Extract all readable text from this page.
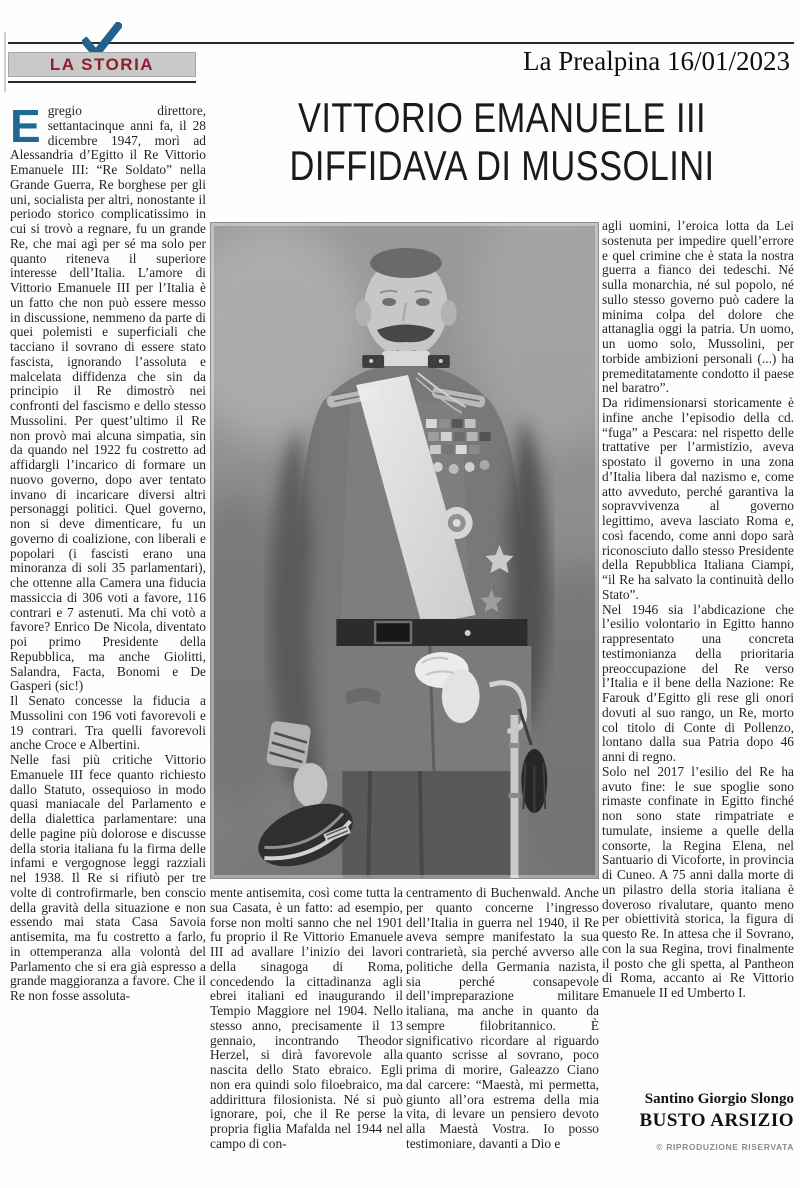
LA STORIA	La Prealpina 16/01/2023
VITTORIO EMANUELE III
DIFFIDAVA DI MUSSOLINI

Egregio direttore, settantacinque anni fa, il 28 dicembre 1947, morì ad Alessandria d’Egitto il Re Vittorio Emanuele III: “Re Soldato” nella Grande Guerra, Re borghese per gli uni, socialista per altri, nonostante il periodo storico complicatissimo in cui si trovò a regnare, fu un grande Re, che mai agì per sé ma solo per quanto riteneva il superiore interesse dell’Italia. L’amore di Vittorio Emanuele III per l’Italia è un fatto che non può essere messo in discussione, nemmeno da parte di quei polemisti e superficiali che tacciano il sovrano di essere stato fascista, ignorando l’assoluta e malcelata diffidenza che sin da principio il Re dimostrò nei confronti del fascismo e dello stesso Mussolini. Per quest’ultimo il Re non provò mai alcuna simpatia, sin da quando nel 1922 fu costretto ad affidargli l’incarico di formare un nuovo governo, dopo aver tentato invano di incaricare diversi altri personaggi politici. Quel governo, non si deve dimenticare, fu un governo di coalizione, con liberali e popolari (i fascisti erano una minoranza di soli 35 parlamentari), che ottenne alla Camera una fiducia massiccia di 306 voti a favore, 116 contrari e 7 astenuti. Ma chi votò a favore? Enrico De Nicola, diventato poi primo Presidente della Repubblica, ma anche Giolitti, Salandra, Facta, Bonomi e De Gasperi (sic!)

Il Senato concesse la fiducia a Mussolini con 196 voti favorevoli e 19 contrari. Tra quelli favorevoli anche Croce e Albertini.

Nelle fasi più critiche Vittorio Emanuele III fece quanto richiesto dallo Statuto, ossequioso in modo quasi maniacale del Parlamento e della dialettica parlamentare: una delle pagine più dolorose e discusse della storia italiana fu la firma delle infami e vergognose leggi razziali nel 1938. Il Re si rifiutò per tre volte di controfirmarle, ben conscio della gravità della situazione e non essendo mai stata Casa Savoia antisemita, ma fu costretto a farlo, in ottemperanza alla volontà del Parlamento che si era già espresso a grande maggioranza a favore. Che il Re non fosse assoluta-

agli uomini, l’eroica lotta da Lei sostenuta per impedire quell’errore e quel crimine che è stata la nostra guerra a fianco dei tedeschi. Né sulla monarchia, né sul popolo, né sullo stesso governo può cadere la minima colpa del dolore che attanaglia oggi la patria. Un uomo, un uomo solo, Mussolini, per torbide ambizioni personali (...) ha premeditatamente condotto il paese nel baratro”.

Da ridimensionarsi storicamente è infine anche l’episodio della cd. “fuga” a Pescara: nel rispetto delle trattative per l’armistizio, aveva spostato il governo in una zona d’Italia libera dal nazismo e, come atto avveduto, perché garantiva la sopravvivenza al governo legittimo, aveva lasciato Roma e, così facendo, come anni dopo sarà riconosciuto dallo stesso Presidente della Repubblica Italiana Ciampi, “il Re ha salvato la continuità dello Stato”.

Nel 1946 sia l’abdicazione che l’esilio volontario in Egitto hanno rappresentato una concreta testimonianza della prioritaria preoccupazione del Re verso l’Italia e il bene della Nazione: Re Farouk d’Egitto gli rese gli onori dovuti al suo rango, un Re, morto col titolo di Conte di Pollenzo, lontano dalla sua Patria dopo 46 anni di regno.

Solo nel 2017 l’esilio del Re ha avuto fine: le sue spoglie sono rimaste confinate in Egitto finché non sono state rimpatriate e tumulate, insieme a quelle della consorte, la Regina Elena, nel Santuario di Vicoforte, in provincia di Cuneo. A 75 anni dalla morte di un pilastro della storia italiana è doveroso rivalutare, quanto meno per obiettività storica, la figura di questo Re. In attesa che il Sovrano, con la sua Regina, trovi finalmente il posto che gli spetta, al Pantheon di Roma, accanto ai Re Vittorio Emanuele II ed Umberto I.

mente antisemita, così come tutta la sua Casata, è un fatto: ad esempio, forse non molti sanno che nel 1901 fu proprio il Re Vittorio Emanuele III ad avallare l’inizio dei lavori della sinagoga di Roma, concedendo la cittadinanza agli ebrei italiani ed inaugurando il Tempio Maggiore nel 1904. Nello stesso anno, precisamente il 13 gennaio, incontrando Theodor Herzel, si dirà favorevole alla nascita dello Stato ebraico. Egli non era quindi solo filoebraico, ma addirittura filosionista. Né si può ignorare, poi, che il Re perse la propria figlia Mafalda nel 1944 nel campo di con-

centramento di Buchenwald. Anche per quanto concerne l’ingresso dell’Italia in guerra nel 1940, il Re aveva sempre manifestato la sua contrarietà, sia perché avverso alle politiche della Germania nazista, sia perché consapevole dell’impreparazione militare italiana, ma anche in quanto da sempre filobritannico. È significativo ricordare al riguardo quanto scrisse al sovrano, poco prima di morire, Galeazzo Ciano dal carcere: “Maestà, mi permetta, giunto all’ora estrema della mia vita, di levare un pensiero devoto alla Maestà Vostra. Io posso testimoniare, davanti a Dio e

Santino Giorgio Slongo
BUSTO ARSIZIO
© RIPRODUZIONE RISERVATA
